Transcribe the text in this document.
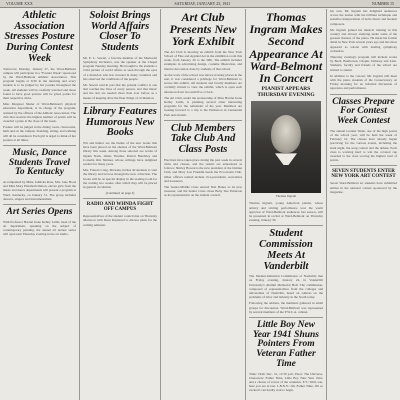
VOLUME XXX	SATURDAY, JANUARY 25, 1941	NUMBER 15
Athletic Association Stresses Posture During Contest Week

Tomorrow Monday, January 27, the Ward-Belmont campus will participate in a "Posture Week" sponsored by the Ward-Belmont Athletic Association. This program begins at 6:30 in the morning and every student is to be judged by her posture throughout the week. All students will be carefully watched and those found to have good posture will be given points for their respective clubs.

Miss Margaret Shuler of Ward-Belmont's physical education department, is in charge of the program, assisted by the officers of the Athletic Association. The club that receives the highest number of points will be awarded a prize at the close of the week.

Posture will be judged in the dining room, classrooms, halls and on the campus. Standing, sitting, and walking will all be considered. Each girl is urged to think of her posture at all times.

Music, Dance Students Travel To Kentucky

Accompanied by Mme. Jehlicka Ross, Mrs. Jane Hood and Miss Mary Elizabeth Dalton, eleven girls from the music and dance departments will present a program at Ward, Kentucky, on January 31. The group includes dancers, singers and instrumentalists.

Art Series Opens

With Professor Harriet Irene Kelley Lamb, head of the art department, speaking on the subject of contemporary painting, the annual art lecture series will open next Thursday evening in the art studio.

Soloist Brings World Affairs Closer To Students

Mr. E. L. Sewart, a favorite member of the Memorial Symphony Orchestra, was the speaker at the Chapel program Tuesday morning. He brought to the students a vivid picture of world affairs as seen through the eyes of a musician who has traveled in many countries and has observed the conditions of the people.

Mr. Sewart said in part that the present conflict is one that touches the lives of every person, and that music and the arts are needed more than ever before as a means of keeping alive the finer things of civilization.

Library Features Humorous New Books

Wit and humor are the theme of the new books that have been placed on the shelves of the Ward-Belmont library this week. Among those selected are works of Ogden Nash, James Thurber, Robert Benchley and Cornelia Otis Skinner, whose writings have delighted readers for many years.

Mrs. Francis Craig, librarian, invites all students to visit the library and browse through the new collection. The books will be on special display in the reading room for the coming two weeks, after which they will be placed in general circulation.

(Continued on page 3)
RADIO AND WHNDA FIGHT OFF CAMPUS

Representatives of the student council met on Thursday afternoon with Dean Raymond to discuss plans for the coming semester.

Art Club Presents New York Exhibit

The Art Club is showing an exhibit from the New York School of Fine and Applied Art in the exhibition room this week, from January 20 to the 30th. The exhibit includes examples in advertising design, costume illustration, and interior decoration done by students of that school.

As the work of the school was shown at many places in the east, it was considered a privilege for Ward-Belmont to secure this exhibit. All students and faculty members are cordially invited to view the exhibit, which is open each afternoon from two until five o'clock.

The Art Club, under the sponsorship of Miss Harriet Irene Kelley Lamb, is planning several other interesting programs for the remainder of the year. Members are looking forward to a trip to the Parthenon in Centennial Park next month.

Club Members Take Club And Class Posts

Elections have taken place during the past week in several clubs and classes, and the results are announced as follows: Shirley Bowen is the new president of the Osirian Club, and Mary Lou Franklin heads the Eccowasin Club. Other officers named include vice-presidents, secretaries and treasurers.

The Senior-Middle Class elected Nan Hanes as its new treasurer, and the Senior Class chose Betty Sue Patterson as its representative on the student council.

Thomas Ingram Makes Second Appearance At Ward-Belmont In Concert
PIANIST APPEARS THURSDAY EVENING
Thomas Ingram

Thomas Ingram, young American pianist, whose artistry and stirring performance won the warm approval of Ward-Belmont audiences last season, will be presented in recital at Ward-Belmont on Thursday evening, January 30.

Student Commission Meets At Vanderbilt

The Student-Industrial Commission of Nashville met on Friday evening, January 24, in Vanderbilt University's Alumni Memorial Hall. The commission, composed of representatives from the colleges and universities of Nashville, heard an address on the problems of labor and industry in the South today.

Following the address, the members gathered in small groups for discussion. Ward-Belmont was represented by several members of the Y.W.C.A. cabinet.

Little Boy New Year 1941 Shuns Pointers From Veteran Father Time

Time: 1940. Dec. 31, 11:59 p.m. Place: The Universe. Characters: Father Time, Little Boy New Year 1941, and a chorus of voices of the centuries. F.T.: Well, son, here you are at last. L.B.N.Y.: Oh, Father Time, I'm so excited I can hardly wait to begin.

his own, Mr. Ingram has delighted audiences across the nation with his brilliant technique and sensitive interpretation of both classic and modern composers.

Mr. Ingram gained his musical training in this country and abroad, studying under some of the greatest masters of the piano. He made his formal debut in New York several years ago and has since appeared as soloist with leading symphony orchestras.

Thursday evening's program will include works by Bach, Beethoven, Chopin, Debussy and Liszt. Students, faculty and friends of the school are invited to attend.

In addition to the concert, Mr. Ingram will meet with the piano students of the Conservatory on Friday morning for an informal discussion of repertoire and performance.

Classes Prepare For Contest Week Contest

The annual Contest Week, one of the high points of the school year, will be held the week of February 10. The classes have already begun practicing for the various events, including the stunt night, the song contest and the debate. Each class is working hard to win the coveted cup awarded to the class scoring the highest total of points.

SEVEN STUDENTS ENTER NEW YORK ART CONTEST

Seven Ward-Belmont art students have submitted entries in the national contest sponsored by the magazine.
